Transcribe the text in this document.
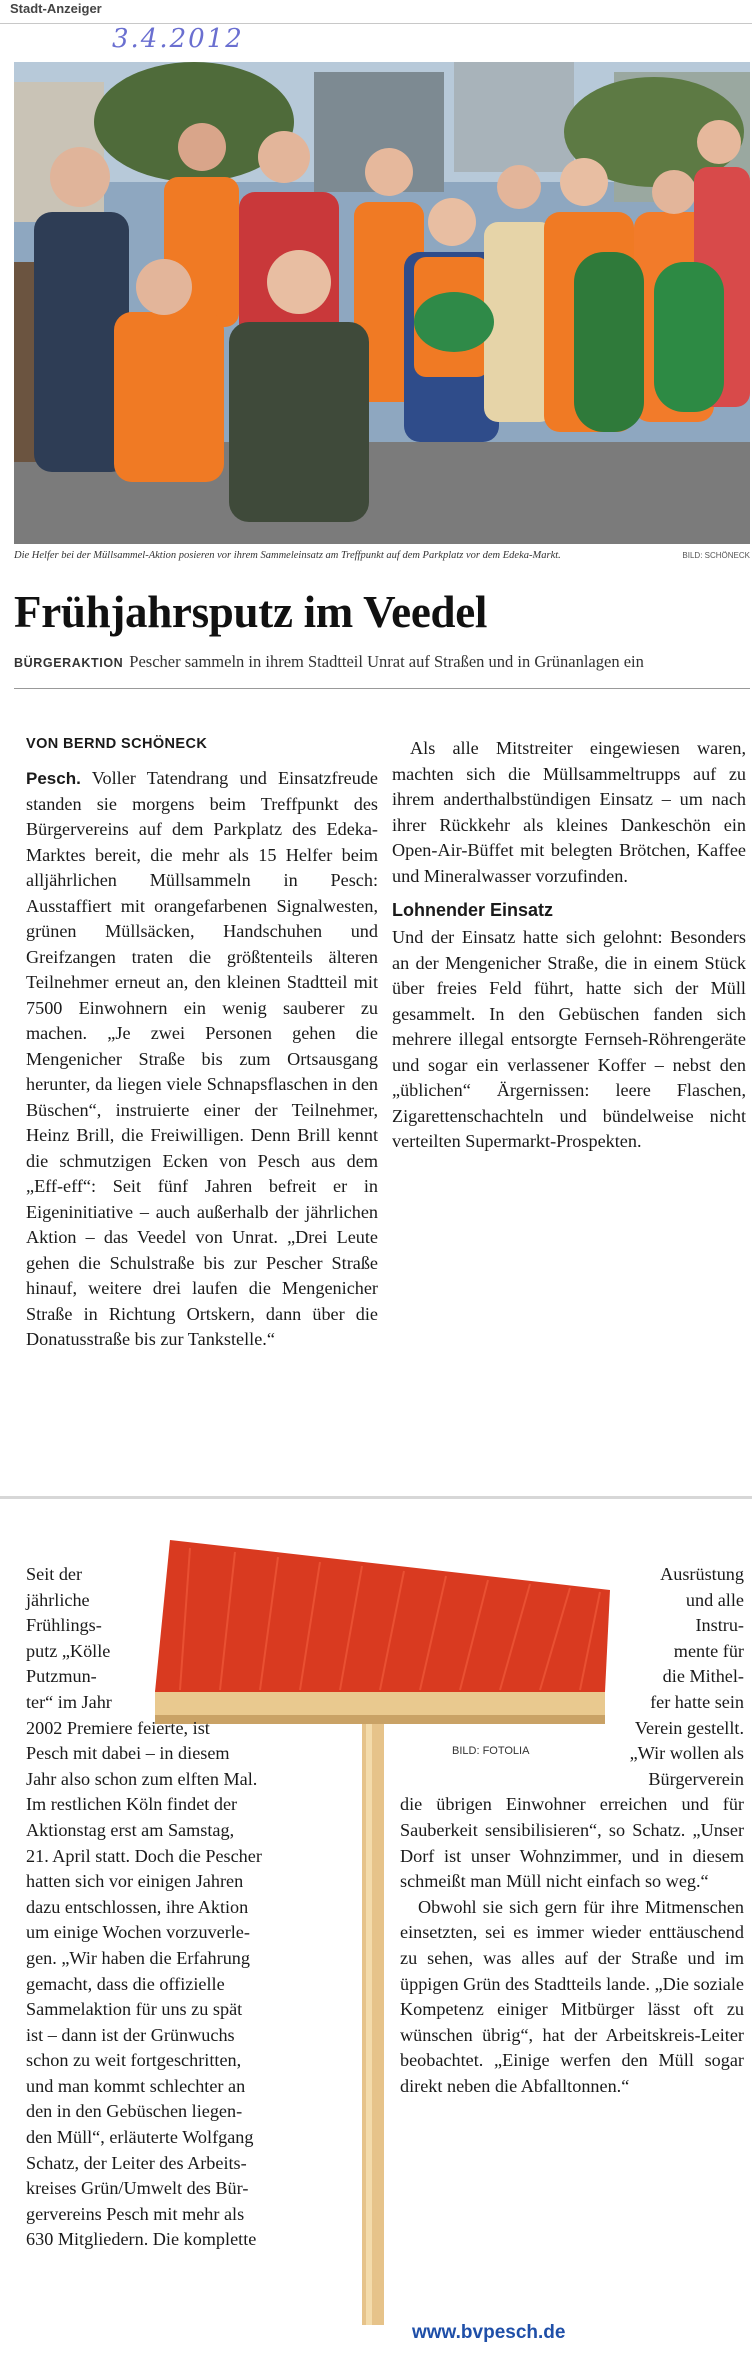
Stadt-Anzeiger
3.4.2012
Die Helfer bei der Müllsammel-Aktion posieren vor ihrem Sammeleinsatz am Treffpunkt auf dem Parkplatz vor dem Edeka-Markt.	BILD: SCHÖNECK
Frühjahrsputz im Veedel
BÜRGERAKTION Pescher sammeln in ihrem Stadtteil Unrat auf Straßen und in Grünanlagen ein
VON BERND SCHÖNECK

Pesch. Voller Tatendrang und Einsatzfreude standen sie morgens beim Treffpunkt des Bürgervereins auf dem Parkplatz des Edeka-Marktes bereit, die mehr als 15 Helfer beim alljährlichen Müllsammeln in Pesch: Ausstaffiert mit orangefarbenen Signalwesten, grünen Müllsäcken, Handschuhen und Greifzangen traten die größtenteils älteren Teilnehmer erneut an, den kleinen Stadtteil mit 7500 Einwohnern ein wenig sauberer zu machen. „Je zwei Personen gehen die Mengenicher Straße bis zum Ortsausgang herunter, da liegen viele Schnapsflaschen in den Büschen“, instruierte einer der Teilnehmer, Heinz Brill, die Freiwilligen. Denn Brill kennt die schmutzigen Ecken von Pesch aus dem „Eff-eff“: Seit fünf Jahren befreit er in Eigeninitiative – auch außerhalb der jährlichen Aktion – das Veedel von Unrat. „Drei Leute gehen die Schulstraße bis zur Pescher Straße hinauf, weitere drei laufen die Mengenicher Straße in Richtung Ortskern, dann über die Donatusstraße bis zur Tankstelle.“

Als alle Mitstreiter eingewiesen waren, machten sich die Müllsammeltrupps auf zu ihrem anderthalbstündigen Einsatz – um nach ihrer Rückkehr als kleines Dankeschön ein Open-Air-Büffet mit belegten Brötchen, Kaffee und Mineralwasser vorzufinden.

Lohnender Einsatz

Und der Einsatz hatte sich gelohnt: Besonders an der Mengenicher Straße, die in einem Stück über freies Feld führt, hatte sich der Müll gesammelt. In den Gebüschen fanden sich mehrere illegal entsorgte Fernseh-Röhrengeräte und sogar ein verlassener Koffer – nebst den „üblichen“ Ärgernissen: leere Flaschen, Zigarettenschachteln und bündelweise nicht verteilten Supermarkt-Prospekten.

BILD: FOTOLIA
Seit der
jährliche
Frühlings-
putz „Kölle
Putzmun-
ter“ im Jahr
2002 Premiere feierte, ist
Pesch mit dabei – in diesem
Jahr also schon zum elften Mal.
Im restlichen Köln findet der
Aktionstag erst am Samstag,
21. April statt. Doch die Pescher
hatten sich vor einigen Jahren
dazu entschlossen, ihre Aktion
um einige Wochen vorzuverle-
gen. „Wir haben die Erfahrung
gemacht, dass die offizielle
Sammelaktion für uns zu spät
ist – dann ist der Grünwuchs
schon zu weit fortgeschritten,
und man kommt schlechter an
den in den Gebüschen liegen-
den Müll“, erläuterte Wolfgang
Schatz, der Leiter des Arbeits-
kreises Grün/Umwelt des Bür-
gervereins Pesch mit mehr als
630 Mitgliedern. Die komplette
Ausrüstung
und alle
Instru-
mente für
die Mithel-
fer hatte sein
Verein gestellt.
„Wir wollen als
Bürgerverein

die übrigen Einwohner erreichen und für Sauberkeit sensibilisieren“, so Schatz. „Unser Dorf ist unser Wohnzimmer, und in diesem schmeißt man Müll nicht einfach so weg.“

Obwohl sie sich gern für ihre Mitmenschen einsetzten, sei es immer wieder enttäuschend zu sehen, was alles auf der Straße und im üppigen Grün des Stadtteils lande. „Die soziale Kompetenz einiger Mitbürger lässt oft zu wünschen übrig“, hat der Arbeitskreis-Leiter beobachtet. „Einige werfen den Müll sogar direkt neben die Abfalltonnen.“

www.bvpesch.de
